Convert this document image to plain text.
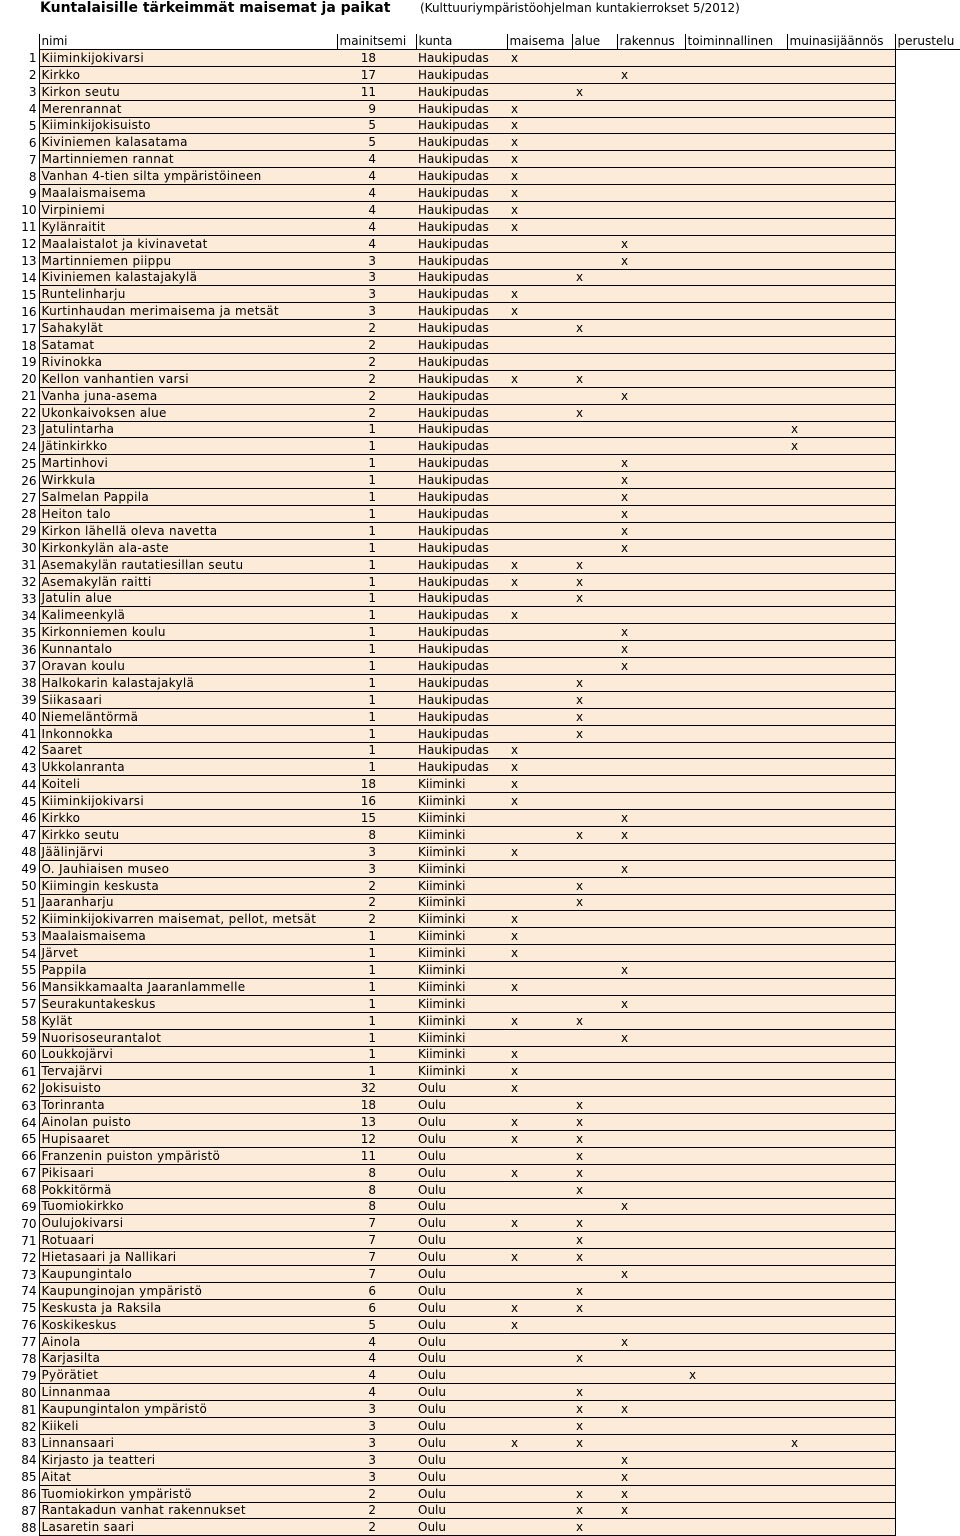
Kuntalaisille tärkeimmät maisemat ja paikat (Kulttuuriympäristöohjelman kuntakierrokset 5/2012)
	nimi	mainitsemi	kunta	maisema	alue	rakennus	toiminnallinen	muinasijäännös	perustelu
1	Kiiminkijokivarsi	18	Haukipudas	x					
2	Kirkko	17	Haukipudas			x			
3	Kirkon seutu	11	Haukipudas		x				
4	Merenrannat	9	Haukipudas	x					
5	Kiiminkijokisuisto	5	Haukipudas	x					
6	Kiviniemen kalasatama	5	Haukipudas	x					
7	Martinniemen rannat	4	Haukipudas	x					
8	Vanhan 4-tien silta ympäristöineen	4	Haukipudas	x					
9	Maalaismaisema	4	Haukipudas	x					
10	Virpiniemi	4	Haukipudas	x					
11	Kylänraitit	4	Haukipudas	x					
12	Maalaistalot ja kivinavetat	4	Haukipudas			x			
13	Martinniemen piippu	3	Haukipudas			x			
14	Kiviniemen kalastajakylä	3	Haukipudas		x				
15	Runtelinharju	3	Haukipudas	x					
16	Kurtinhaudan merimaisema ja metsät	3	Haukipudas	x					
17	Sahakylät	2	Haukipudas		x				
18	Satamat	2	Haukipudas						
19	Rivinokka	2	Haukipudas						
20	Kellon vanhantien varsi	2	Haukipudas	x	x				
21	Vanha juna-asema	2	Haukipudas			x			
22	Ukonkaivoksen alue	2	Haukipudas		x				
23	Jatulintarha	1	Haukipudas					x	
24	Jätinkirkko	1	Haukipudas					x	
25	Martinhovi	1	Haukipudas			x			
26	Wirkkula	1	Haukipudas			x			
27	Salmelan Pappila	1	Haukipudas			x			
28	Heiton talo	1	Haukipudas			x			
29	Kirkon lähellä oleva navetta	1	Haukipudas			x			
30	Kirkonkylän ala-aste	1	Haukipudas			x			
31	Asemakylän rautatiesillan seutu	1	Haukipudas	x	x				
32	Asemakylän raitti	1	Haukipudas	x	x				
33	Jatulin alue	1	Haukipudas		x				
34	Kalimeenkylä	1	Haukipudas	x					
35	Kirkonniemen koulu	1	Haukipudas			x			
36	Kunnantalo	1	Haukipudas			x			
37	Oravan koulu	1	Haukipudas			x			
38	Halkokarin kalastajakylä	1	Haukipudas		x				
39	Siikasaari	1	Haukipudas		x				
40	Niemeläntörmä	1	Haukipudas		x				
41	Inkonnokka	1	Haukipudas		x				
42	Saaret	1	Haukipudas	x					
43	Ukkolanranta	1	Haukipudas	x					
44	Koiteli	18	Kiiminki	x					
45	Kiiminkijokivarsi	16	Kiiminki	x					
46	Kirkko	15	Kiiminki			x			
47	Kirkko seutu	8	Kiiminki		x	x			
48	Jäälinjärvi	3	Kiiminki	x					
49	O. Jauhiaisen museo	3	Kiiminki			x			
50	Kiimingin keskusta	2	Kiiminki		x				
51	Jaaranharju	2	Kiiminki		x				
52	Kiiminkijokivarren maisemat, pellot, metsät	2	Kiiminki	x					
53	Maalaismaisema	1	Kiiminki	x					
54	Järvet	1	Kiiminki	x					
55	Pappila	1	Kiiminki			x			
56	Mansikkamaalta Jaaranlammelle	1	Kiiminki	x					
57	Seurakuntakeskus	1	Kiiminki			x			
58	Kylät	1	Kiiminki	x	x				
59	Nuorisoseurantalot	1	Kiiminki			x			
60	Loukkojärvi	1	Kiiminki	x					
61	Tervajärvi	1	Kiiminki	x					
62	Jokisuisto	32	Oulu	x					
63	Torinranta	18	Oulu		x				
64	Ainolan puisto	13	Oulu	x	x				
65	Hupisaaret	12	Oulu	x	x				
66	Franzenin puiston ympäristö	11	Oulu		x				
67	Pikisaari	8	Oulu	x	x				
68	Pokkitörmä	8	Oulu		x				
69	Tuomiokirkko	8	Oulu			x			
70	Oulujokivarsi	7	Oulu	x	x				
71	Rotuaari	7	Oulu		x				
72	Hietasaari ja Nallikari	7	Oulu	x	x				
73	Kaupungintalo	7	Oulu			x			
74	Kaupunginojan ympäristö	6	Oulu		x				
75	Keskusta ja Raksila	6	Oulu	x	x				
76	Koskikeskus	5	Oulu	x					
77	Ainola	4	Oulu			x			
78	Karjasilta	4	Oulu		x				
79	Pyörätiet	4	Oulu				x		
80	Linnanmaa	4	Oulu		x				
81	Kaupungintalon ympäristö	3	Oulu		x	x			
82	Kiikeli	3	Oulu		x				
83	Linnansaari	3	Oulu	x	x			x	
84	Kirjasto ja teatteri	3	Oulu			x			
85	Aitat	3	Oulu			x			
86	Tuomiokirkon ympäristö	2	Oulu		x	x			
87	Rantakadun vanhat rakennukset	2	Oulu		x	x			
88	Lasaretin saari	2	Oulu		x				
